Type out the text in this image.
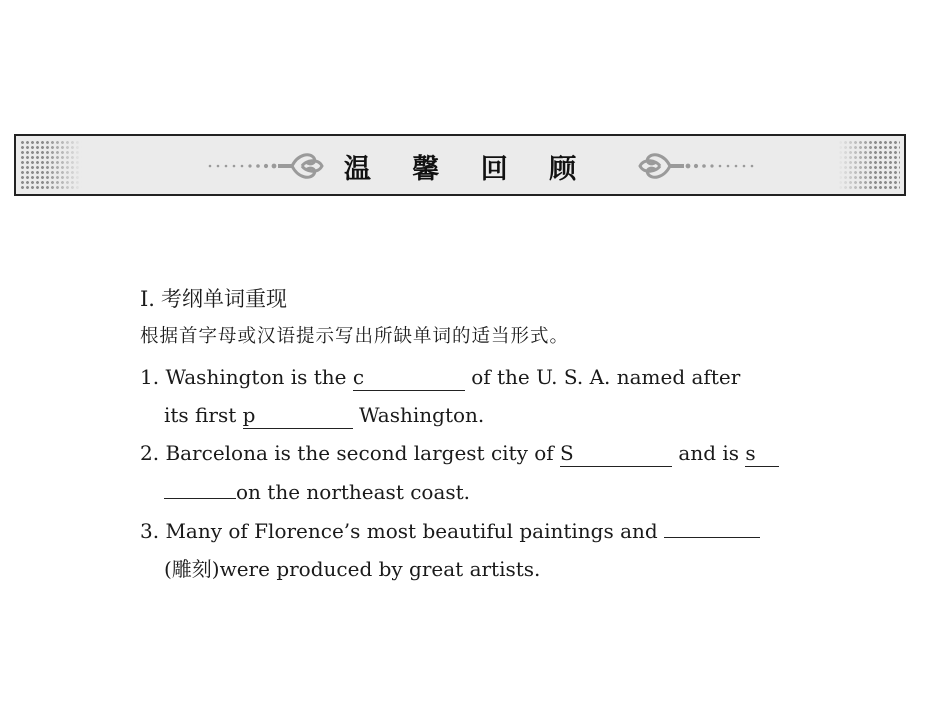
温 馨 回 顾
Ⅰ. 考纲单词重现
根据首字母或汉语提示写出所缺单词的适当形式。
1. Washington is the c	of the U. S. A. named after
its first p	Washington.
2. Barcelona is the second largest city of S	and is s
on the northeast coast.
3. Many of Florence’s most beautiful paintings and
(雕刻)were produced by great artists.
